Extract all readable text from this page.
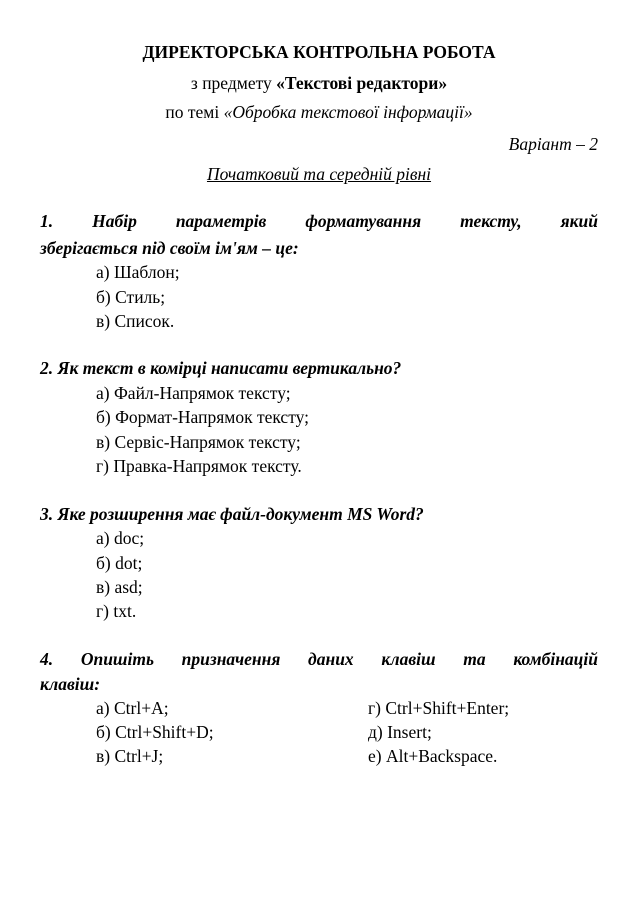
ДИРЕКТОРСЬКА КОНТРОЛЬНА РОБОТА
з предмету «Текстові редактори»
по темі «Обробка текстової інформації»
Варіант – 2
Початковий та середній рівні
1. Набір параметрів форматування тексту, який
зберігається під своїм ім'ям – це:
а) Шаблон;
б) Стиль;
в) Список.
2. Як текст в комірці написати вертикально?
а) Файл-Напрямок тексту;
б) Формат-Напрямок тексту;
в) Сервіс-Напрямок тексту;
г) Правка-Напрямок тексту.
3. Яке розширення має файл-документ MS Word?
а) doc;
б) dot;
в) asd;
г) txt.
4. Опишіть призначення даних клавіш та комбінацій
клавіш:
а) Ctrl+A;
б) Ctrl+Shift+D;
в) Ctrl+J;
г) Ctrl+Shift+Enter;
д) Insert;
е) Alt+Backspace.
